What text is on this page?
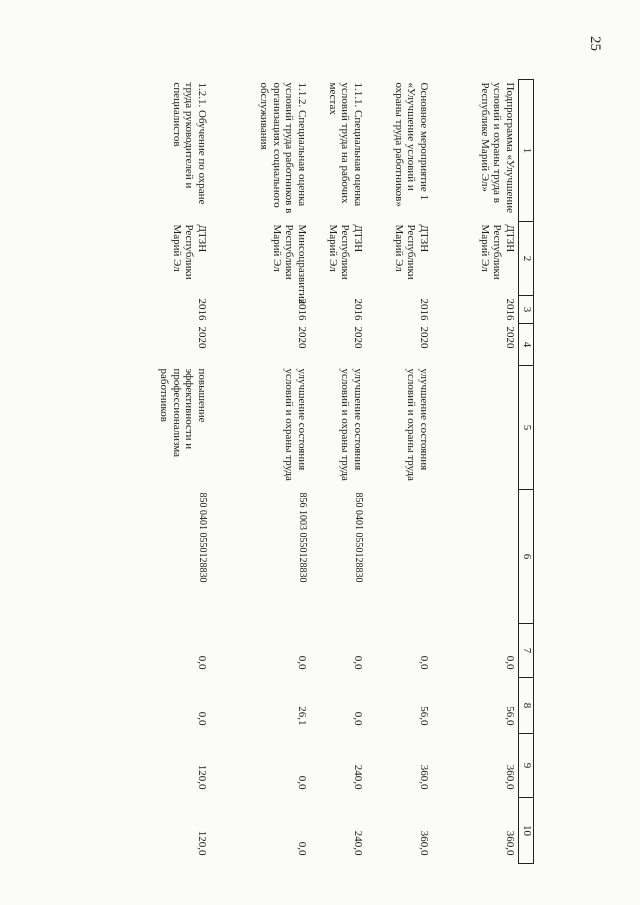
25
1	2	3	4	5	6	7	8	9	10
Подпрограмма «Улучшение условий и охраны труда в Республике Марий Эл»	ДТЗН Республики Марий Эл	2016	2020			0,0	56,0	360,0	360,0
Основное мероприятие 1 «Улучшение условий и охраны труда работников»	ДТЗН Республики Марий Эл	2016	2020	улучшение состояния условий и охраны труда		0,0	56,0	360,0	360,0
1.1.1. Специальная оценка условий труда на рабочих местах	ДТЗН Республики Марий Эл	2016	2020	улучшение состояния условий и охраны труда	850 0401 0550128830	0,0	0,0	240,0	240,0
1.1.2. Специальная оценка условий труда работников в организациях социального обслуживания	Минсоцразвития Республики Марий Эл	2016	2020	улучшение состояния условий и охраны труда	856 1003 0550128830	0,0	26,1	0,0	0,0
1.2.1. Обучение по охране труда руководителей и специалистов	ДТЗН Республики Марий Эл	2016	2020	повышение эффективности и профессионализма работников	850 0401 0550128830	0,0	0,0	120,0	120,0
